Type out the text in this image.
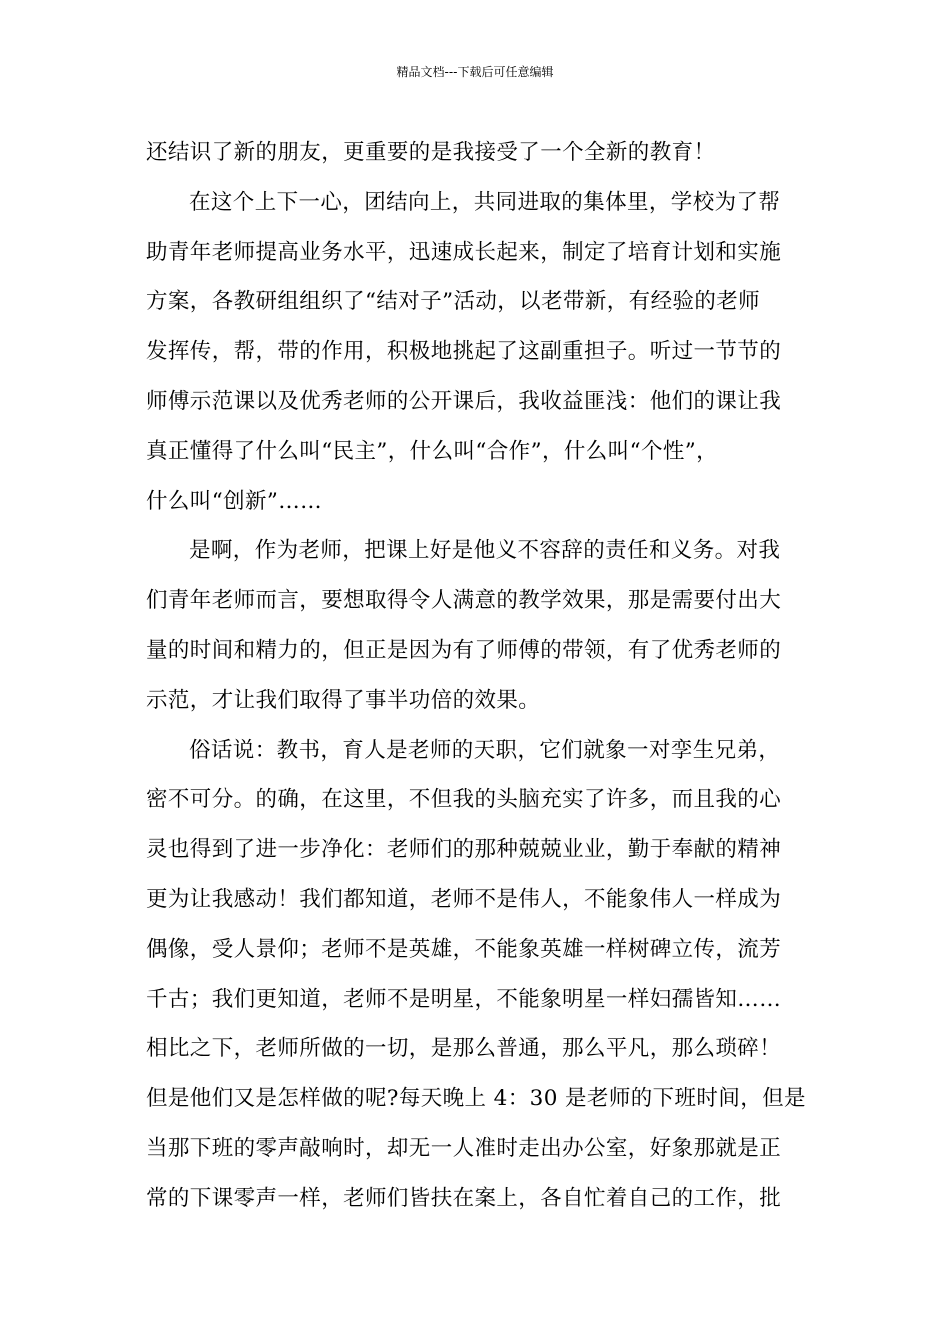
精品文档---下载后可任意编辑
还结识了新的朋友，更重要的是我接受了一个全新的教育！
在这个上下一心，团结向上，共同进取的集体里，学校为了帮
助青年老师提高业务水平，迅速成长起来，制定了培育计划和实施
方案，各教研组组织了“结对子”活动，以老带新，有经验的老师
发挥传，帮，带的作用，积极地挑起了这副重担子。听过一节节的
师傅示范课以及优秀老师的公开课后，我收益匪浅：他们的课让我
真正懂得了什么叫“民主”，什么叫“合作”，什么叫“个性”，
什么叫“创新”……
是啊，作为老师，把课上好是他义不容辞的责任和义务。对我
们青年老师而言，要想取得令人满意的教学效果，那是需要付出大
量的时间和精力的，但正是因为有了师傅的带领，有了优秀老师的
示范，才让我们取得了事半功倍的效果。
俗话说：教书，育人是老师的天职，它们就象一对孪生兄弟，
密不可分。的确，在这里，不但我的头脑充实了许多，而且我的心
灵也得到了进一步净化：老师们的那种兢兢业业，勤于奉献的精神
更为让我感动！我们都知道，老师不是伟人，不能象伟人一样成为
偶像，受人景仰；老师不是英雄，不能象英雄一样树碑立传，流芳
千古；我们更知道，老师不是明星，不能象明星一样妇孺皆知……
相比之下，老师所做的一切，是那么普通，那么平凡，那么琐碎！
但是他们又是怎样做的呢?每天晚上 4：30 是老师的下班时间，但是
当那下班的零声敲响时，却无一人准时走出办公室，好象那就是正
常的下课零声一样，老师们皆扶在案上，各自忙着自己的工作，批
